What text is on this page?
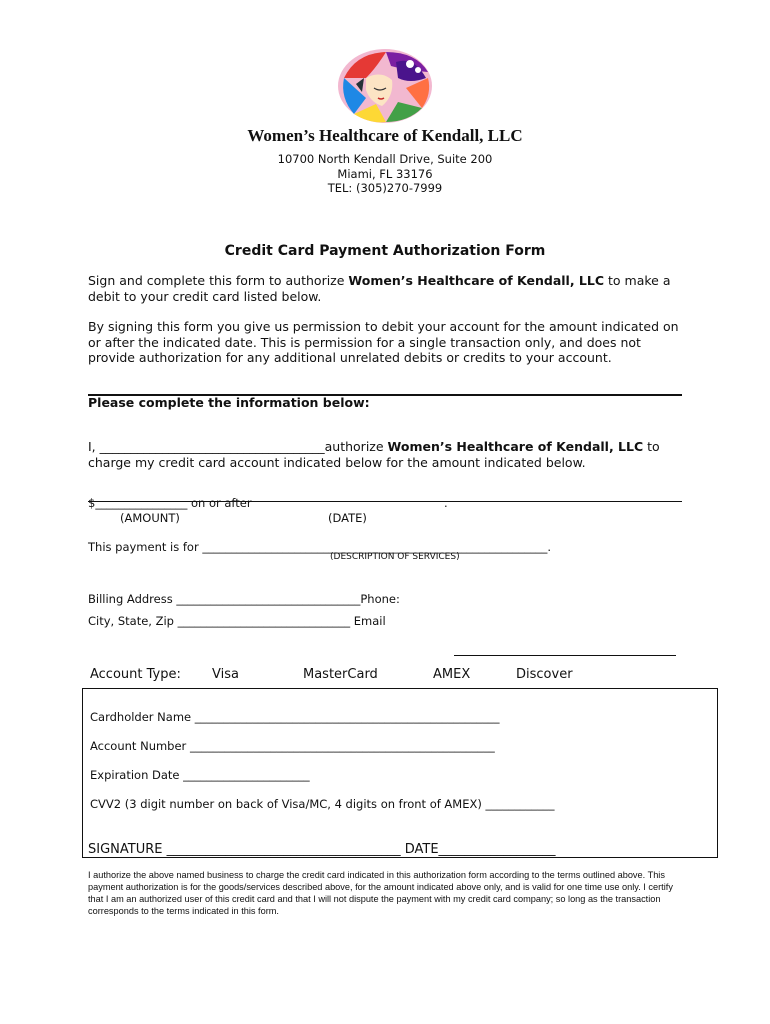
Women’s Healthcare of Kendall, LLC
10700 North Kendall Drive, Suite 200
Miami, FL 33176
TEL: (305)270-7999
Credit Card Payment Authorization Form
Sign and complete this form to authorize Women’s Healthcare of Kendall, LLC to make a debit to your credit card listed below.
By signing this form you give us permission to debit your account for the amount indicated on or after the indicated date. This is permission for a single transaction only, and does not provide authorization for any additional unrelated debits or credits to your account.
Please complete the information below:
I, ____________________________________authorize Women’s Healthcare of Kendall, LLC to charge my credit card account indicated below for the amount indicated below.
$________________ on or after	.
(AMOUNT)	(DATE)
This payment is for ____________________________________________________________.
(DESCRIPTION OF SERVICES)
Billing Address ________________________________Phone:
City, State, Zip ______________________________ Email
Account Type: Visa	MasterCard	AMEX	Discover
Cardholder Name _____________________________________________________
Account Number _____________________________________________________
Expiration Date ______________________
CVV2 (3 digit number on back of Visa/MC, 4 digits on front of AMEX) ____________
SIGNATURE ____________________________________ DATE__________________
I authorize the above named business to charge the credit card indicated in this authorization form according to the terms outlined above. This payment authorization is for the goods/services described above, for the amount indicated above only, and is valid for one time use only. I certify that I am an authorized user of this credit card and that I will not dispute the payment with my credit card company; so long as the transaction corresponds to the terms indicated in this form.
